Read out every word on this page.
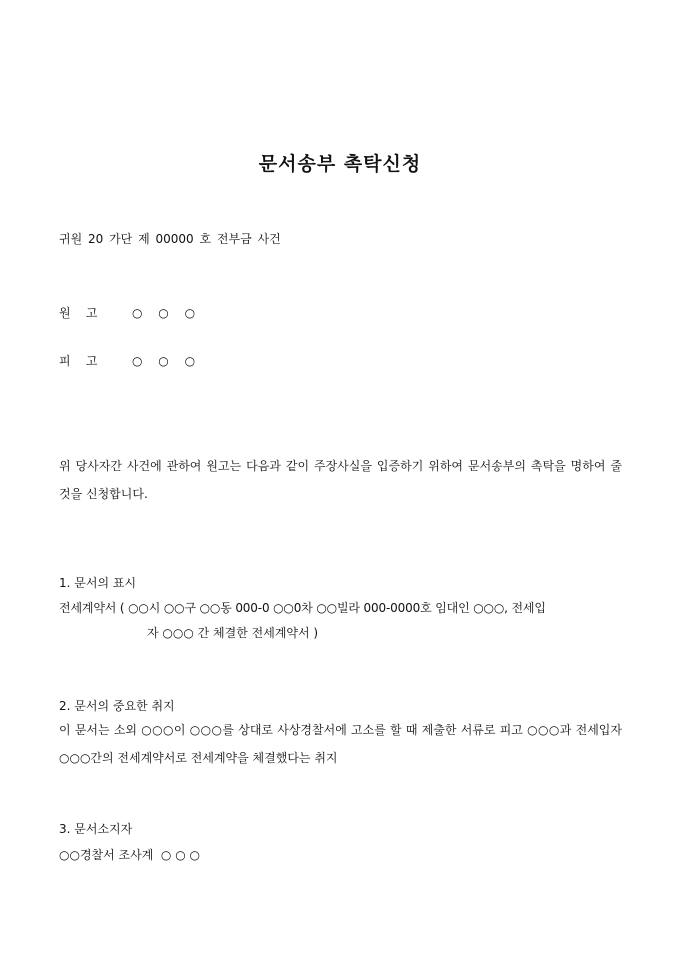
문서송부 촉탁신청
귀원 20 가단 제 00000 호 전부금 사건
원    고	○ ○ ○
피    고	○ ○ ○
위 당사자간 사건에 관하여 원고는 다음과 같이 주장사실을 입증하기 위하여 문서송부의 촉탁을 명하여 줄 것을 신청합니다.
1. 문서의 표시
전세계약서 ( ○○시 ○○구 ○○동 000-0 ○○0차 ○○빌라 000-0000호 임대인 ○○○, 전세입
자 ○○○ 간 체결한 전세계약서 )
2. 문서의 중요한 취지
이 문서는 소외 ○○○이 ○○○를 상대로 사상경찰서에 고소를 할 때 제출한 서류로 피고 ○○○과 전세입자 ○○○간의 전세계약서로 전세계약을 체결했다는 취지
3. 문서소지자
○○경찰서 조사계  ○ ○ ○
